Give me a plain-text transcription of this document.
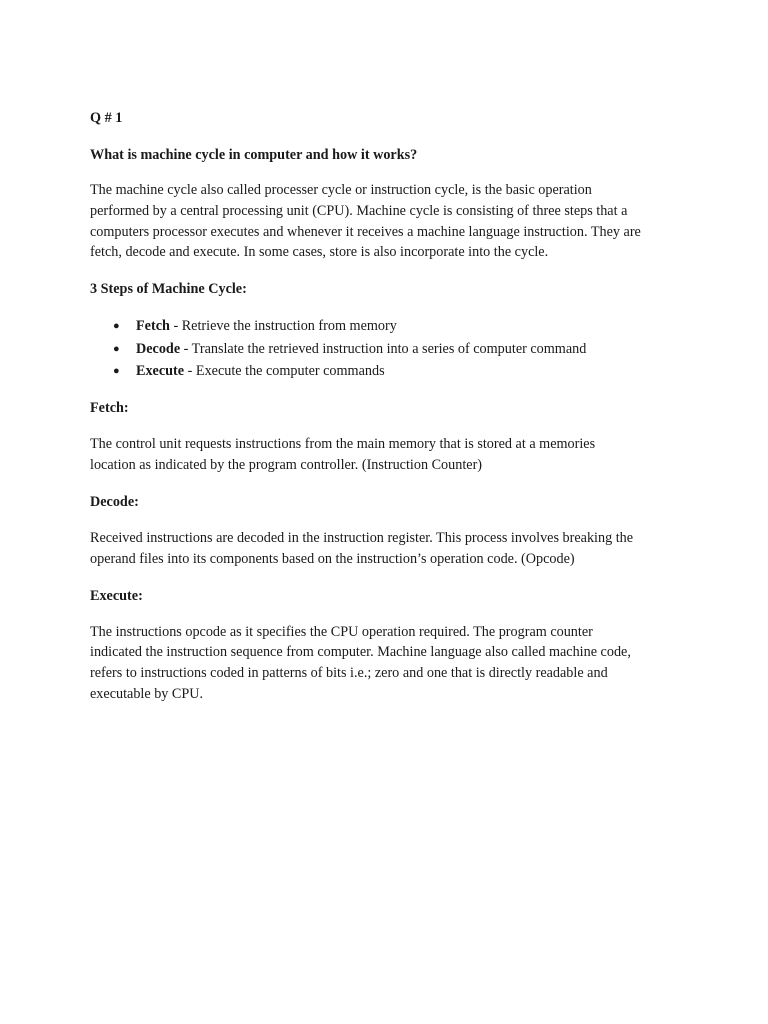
Q # 1

What is machine cycle in computer and how it works?

The machine cycle also called processer cycle or instruction cycle, is the basic operation
performed by a central processing unit (CPU). Machine cycle is consisting of three steps that a
computers processor executes and whenever it receives a machine language instruction. They are
fetch, decode and execute. In some cases, store is also incorporate into the cycle.

3 Steps of Machine Cycle:

● Fetch - Retrieve the instruction from memory
● Decode - Translate the retrieved instruction into a series of computer command
● Execute - Execute the computer commands

Fetch:

The control unit requests instructions from the main memory that is stored at a memories
location as indicated by the program controller. (Instruction Counter)

Decode:

Received instructions are decoded in the instruction register. This process involves breaking the
operand files into its components based on the instruction’s operation code. (Opcode)

Execute:

The instructions opcode as it specifies the CPU operation required. The program counter
indicated the instruction sequence from computer. Machine language also called machine code,
refers to instructions coded in patterns of bits i.e.; zero and one that is directly readable and
executable by CPU.
